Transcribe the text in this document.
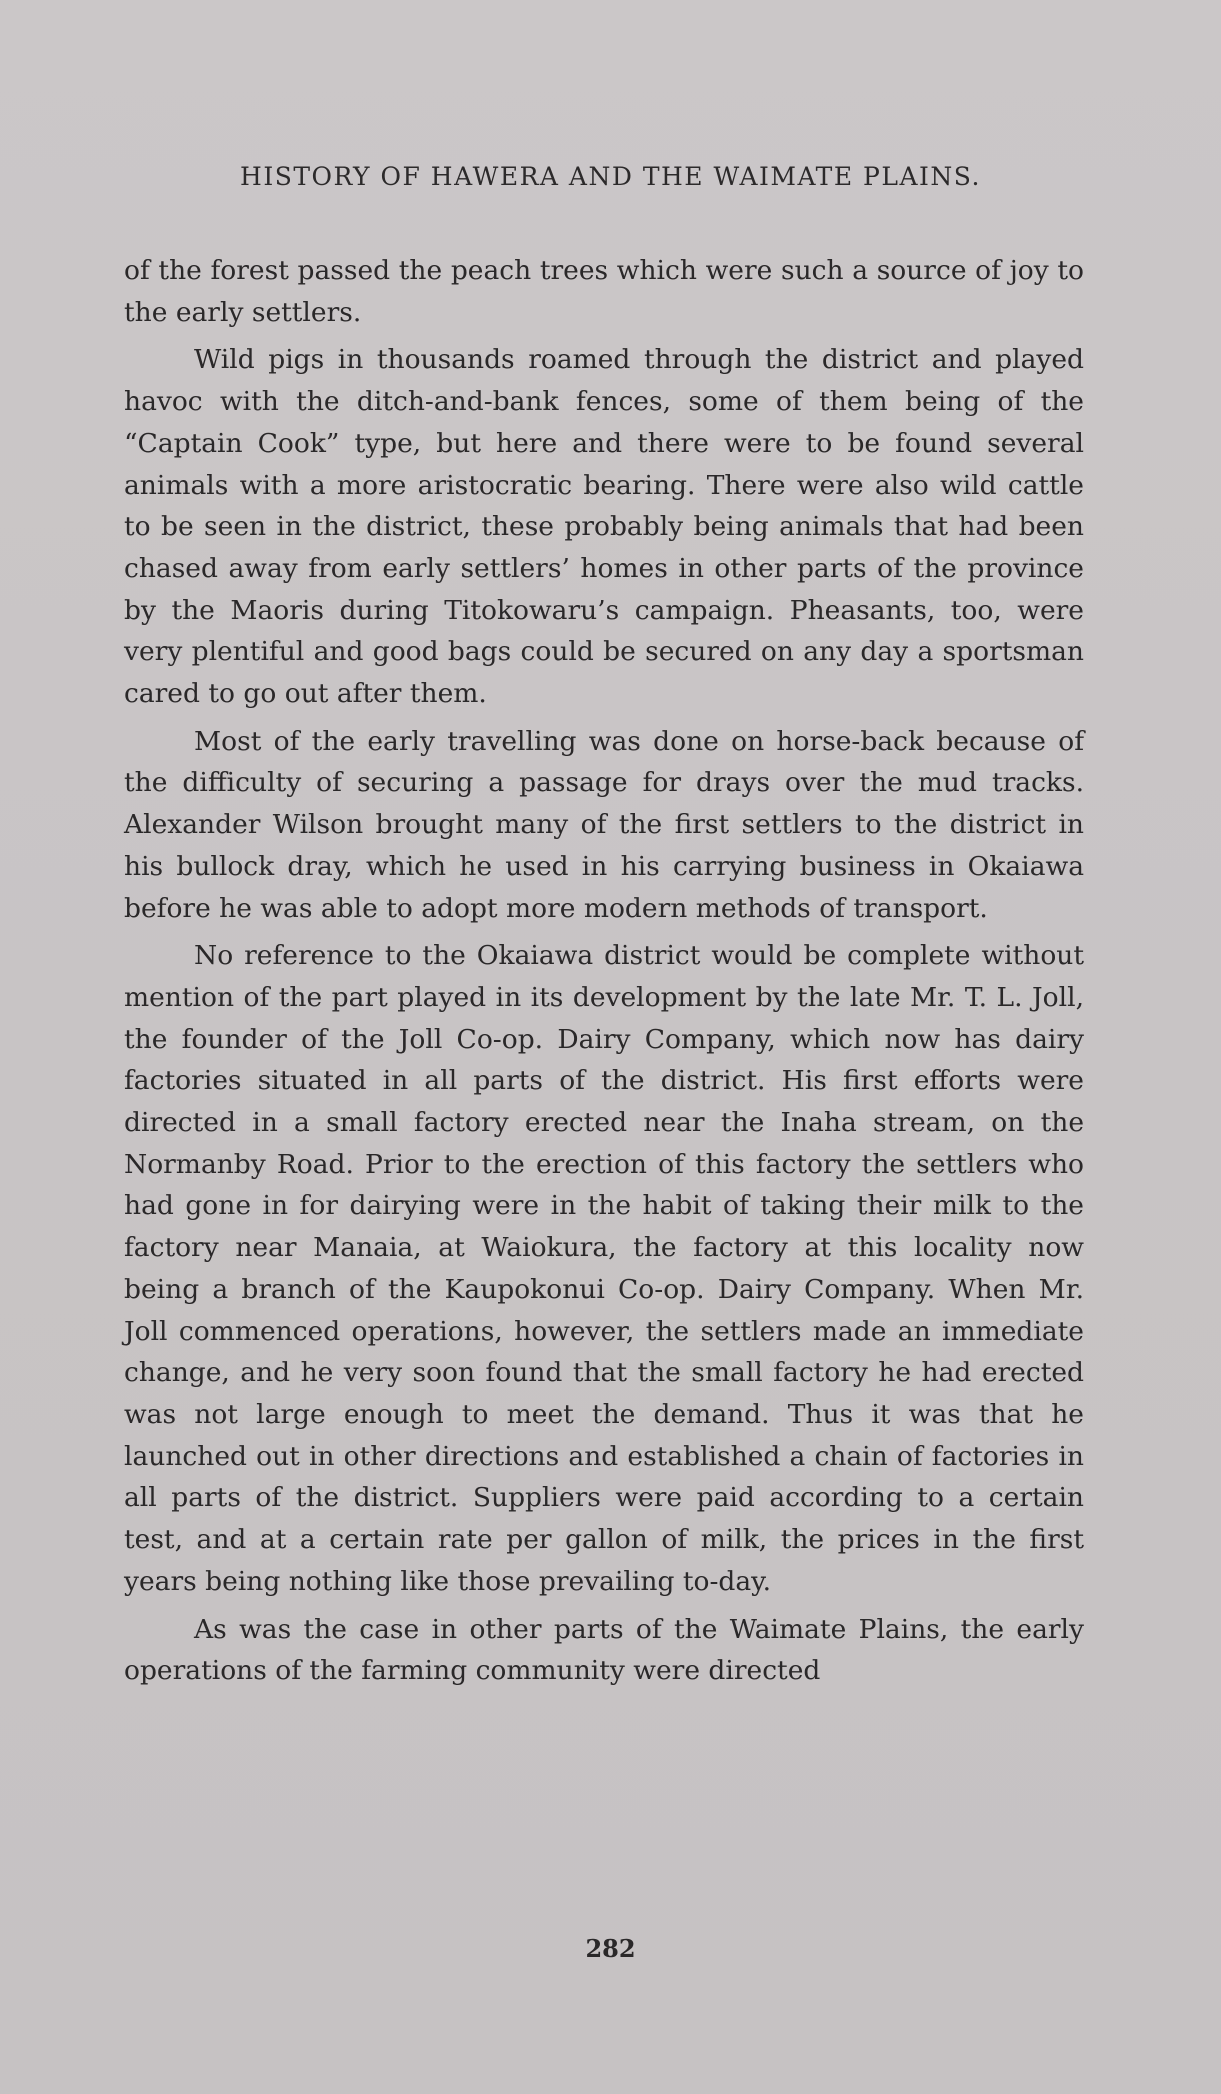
HISTORY OF HAWERA AND THE WAIMATE PLAINS.

of the forest passed the peach trees which were such a source of joy to the early settlers.

Wild pigs in thousands roamed through the district and played havoc with the ditch-and-bank fences, some of them being of the “Captain Cook” type, but here and there were to be found several animals with a more aristocratic bearing. There were also wild cattle to be seen in the district, these probably being animals that had been chased away from early settlers’ homes in other parts of the province by the Maoris during Titokowaru’s campaign. Pheasants, too, were very plentiful and good bags could be secured on any day a sportsman cared to go out after them.

Most of the early travelling was done on horse-back because of the difficulty of securing a passage for drays over the mud tracks. Alexander Wilson brought many of the first settlers to the district in his bullock dray, which he used in his carrying business in Okaiawa before he was able to adopt more modern methods of transport.

No reference to the Okaiawa district would be complete without mention of the part played in its development by the late Mr. T. L. Joll, the founder of the Joll Co-op. Dairy Company, which now has dairy factories situated in all parts of the district. His first efforts were directed in a small factory erected near the Inaha stream, on the Normanby Road. Prior to the erection of this factory the settlers who had gone in for dairying were in the habit of taking their milk to the factory near Manaia, at Waiokura, the factory at this locality now being a branch of the Kaupokonui Co-op. Dairy Company. When Mr. Joll commenced operations, however, the settlers made an immediate change, and he very soon found that the small factory he had erected was not large enough to meet the demand. Thus it was that he launched out in other directions and established a chain of factories in all parts of the district. Suppliers were paid according to a certain test, and at a certain rate per gallon of milk, the prices in the first years being nothing like those prevailing to-day.

As was the case in other parts of the Waimate Plains, the early operations of the farming community were directed

282
